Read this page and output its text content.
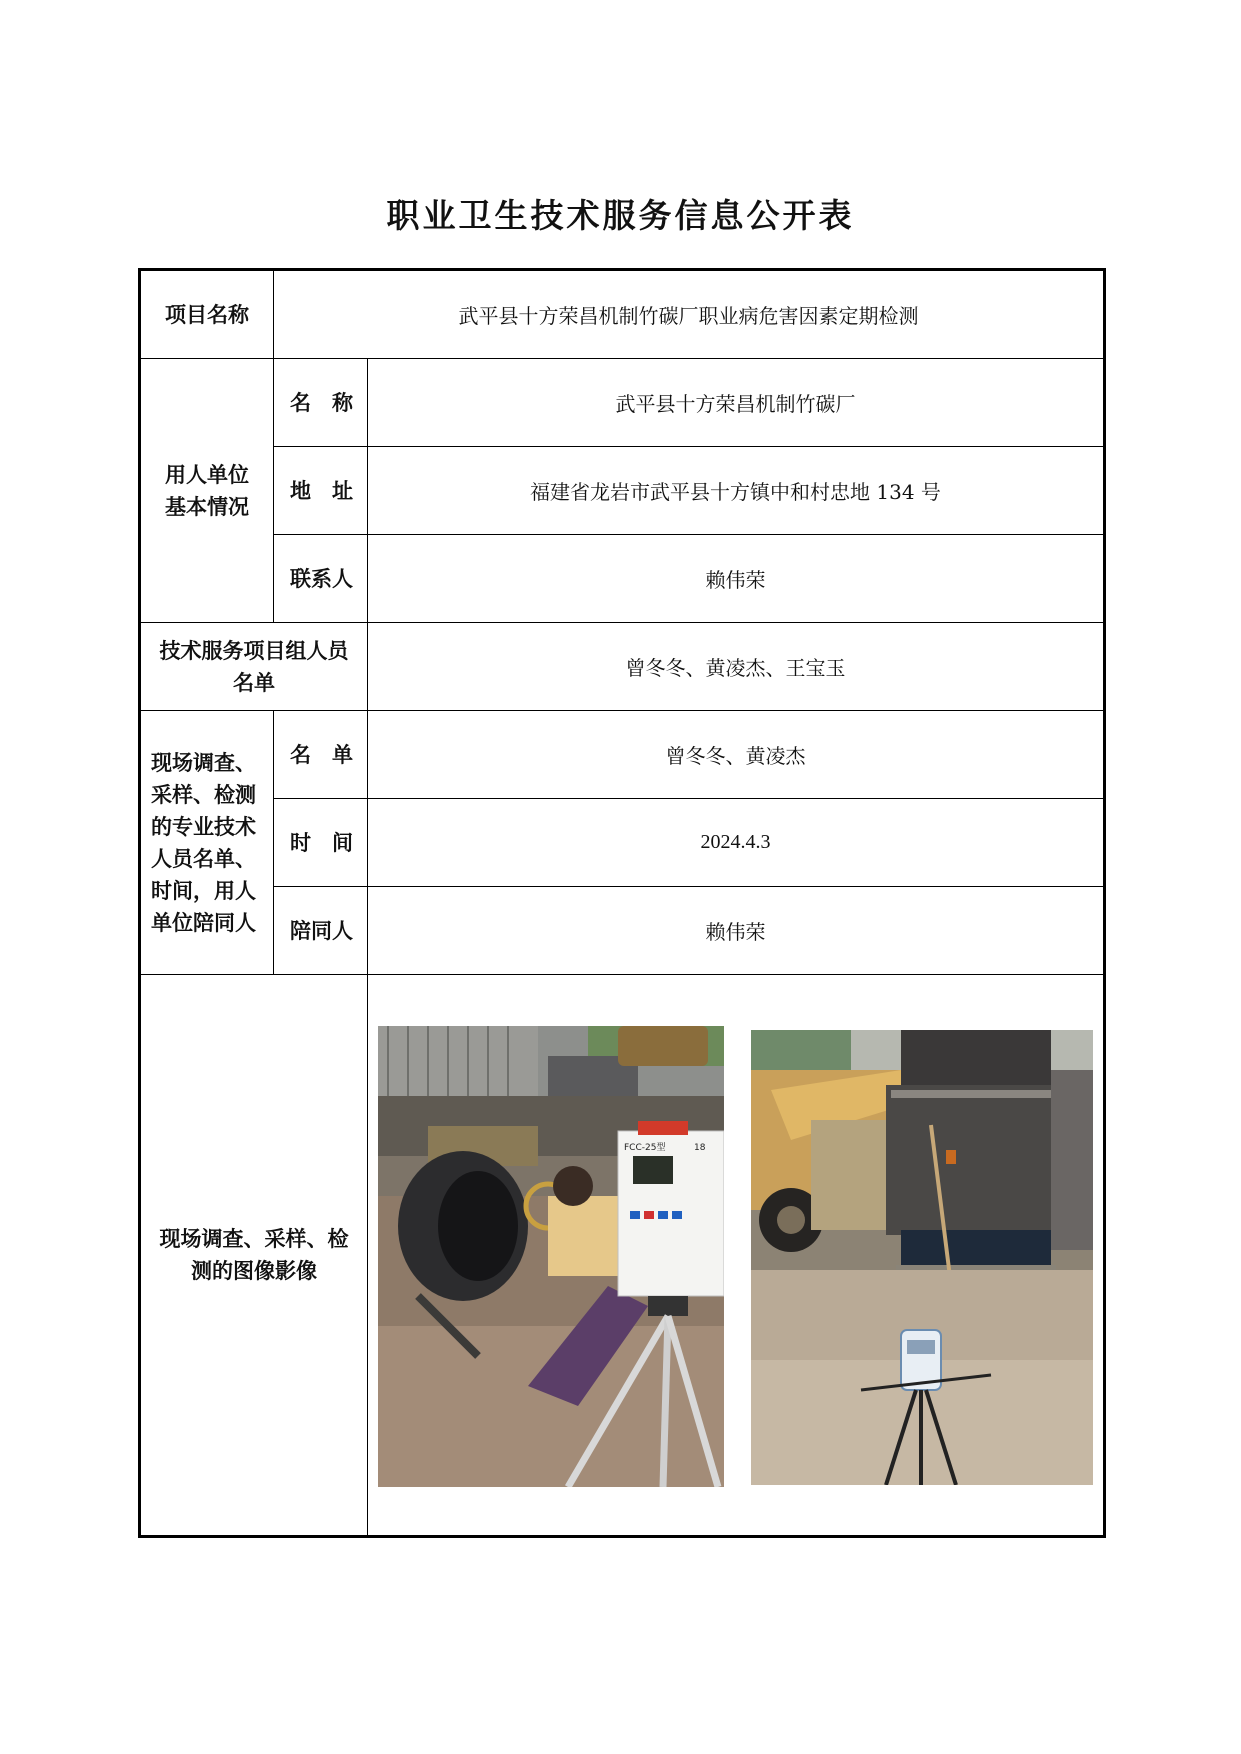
职业卫生技术服务信息公开表
项目名称	武平县十方荣昌机制竹碳厂职业病危害因素定期检测	
用人单位基本情况	名　称	武平县十方荣昌机制竹碳厂
	地　址	福建省龙岩市武平县十方镇中和村忠地 134 号
	联系人	赖伟荣
技术服务项目组人员名单		曾冬冬、黄凌杰、王宝玉
现场调查、采样、检测的专业技术人员名单、时间，用人单位陪同人	名　单	曾冬冬、黄凌杰
	时　间	2024.4.3
	陪同人	赖伟荣
现场调查、采样、检测的图像影像		FCC-25型 18
